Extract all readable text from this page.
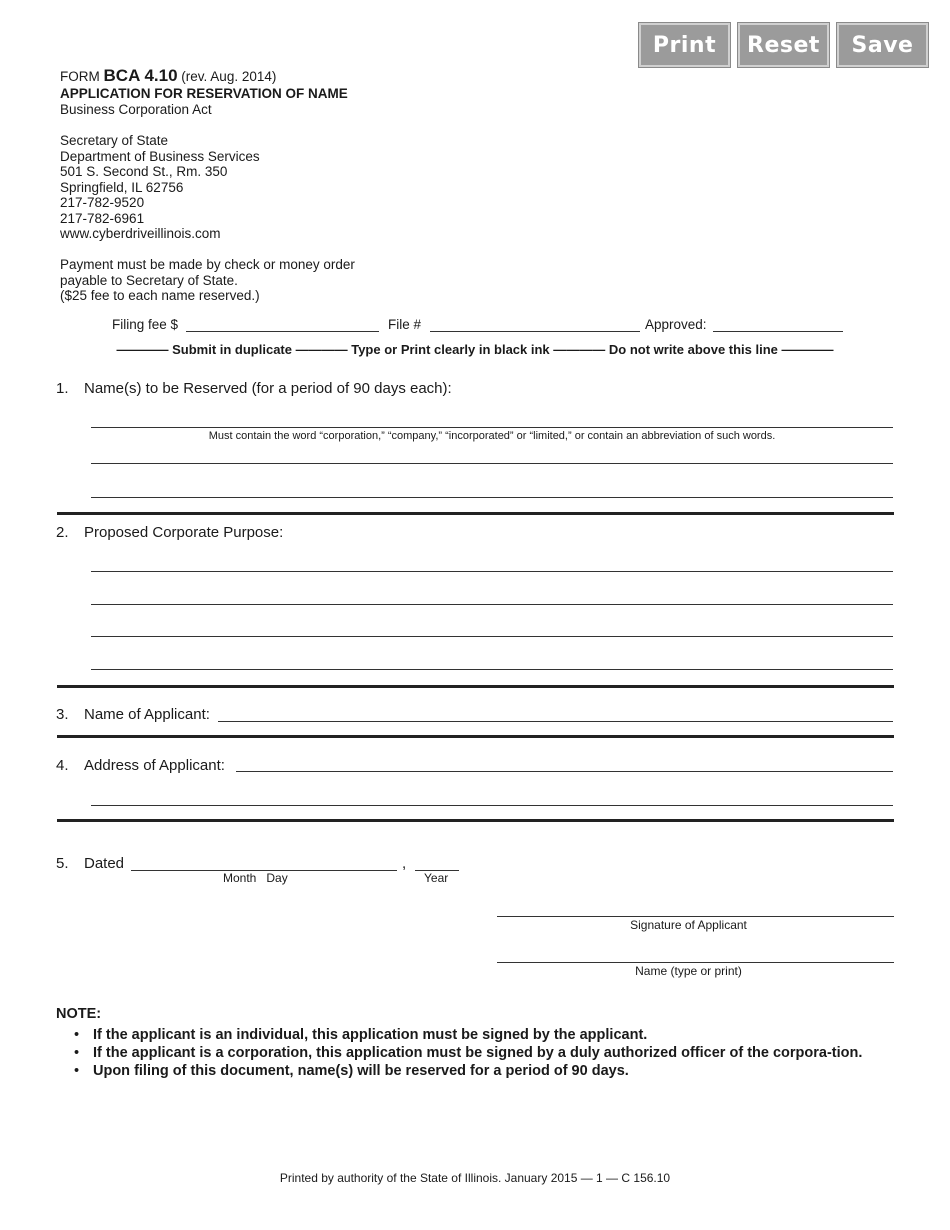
Print	Reset	Save
FORM BCA 4.10 (rev. Aug. 2014)
APPLICATION FOR RESERVATION OF NAME
Business Corporation Act
Secretary of State
Department of Business Services
501 S. Second St., Rm. 350
Springfield, IL 62756
217-782-9520
217-782-6961
www.cyberdriveillinois.com
Payment must be made by check or money order
payable to Secretary of State.
($25 fee to each name reserved.)
Filing fee $	File #	Approved:
———— Submit in duplicate ———— Type or Print clearly in black ink ———— Do not write above this line ————
1. Name(s) to be Reserved (for a period of 90 days each):
Must contain the word “corporation,” “company,” “incorporated” or “limited,” or contain an abbreviation of such words.
2. Proposed Corporate Purpose:
3. Name of Applicant:
4. Address of Applicant:
5. Dated	,
Month   Day	Year
Signature of Applicant
Name (type or print)
NOTE:
• If the applicant is an individual, this application must be signed by the applicant.
• If the applicant is a corporation, this application must be signed by a duly authorized officer of the corpora-tion.
• Upon filing of this document, name(s) will be reserved for a period of 90 days.
Printed by authority of the State of Illinois. January 2015 — 1 — C 156.10
